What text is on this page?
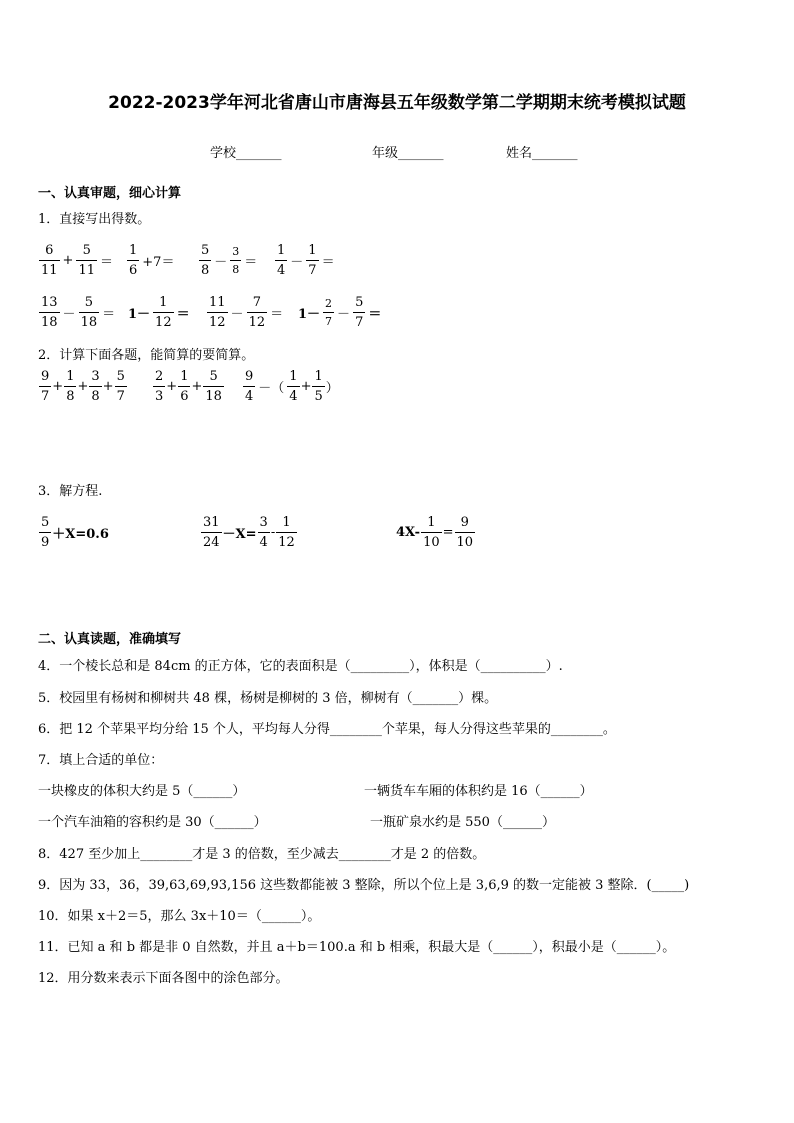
2022-2023学年河北省唐山市唐海县五年级数学第二学期期末统考模拟试题
学校_______	年级_______	姓名_______
一、认真审题，细心计算
1．直接写出得数。
$\frac{6}{11} + \frac{5}{11} = \frac{1}{6} +7= \frac{5}{8} - \frac{3}{8} = \frac{1}{4} - \frac{1}{7}$ ＝
$\frac{13}{18} - \frac{5}{18} = 1- \frac{1}{12} = \frac{11}{12} - \frac{7}{12} = 1- \frac{2}{7} - \frac{5}{7}$ ＝
2．计算下面各题，能简算的要简算。
$\frac{9}{7} + \frac{1}{8} + \frac{3}{8} + \frac{5}{7} \frac{2}{3} + \frac{1}{6} + \frac{5}{18} \frac{9}{4}$ －（ $\frac{1}{4} + \frac{1}{5}$ ）
3．解方程.
$\frac{5}{9} +X=0.6$	$\frac{31}{24} -X= \frac{3}{4} - \frac{1}{12}$	$4X- \frac{1}{10} = \frac{9}{10}$
二、认真读题，准确填写
4．一个棱长总和是 84cm 的正方体，它的表面积是（_________），体积是（__________）.
5．校园里有杨树和柳树共 48 棵，杨树是柳树的 3 倍，柳树有（_______）棵。
6．把 12 个苹果平均分给 15 个人，平均每人分得________个苹果，每人分得这些苹果的________。
7．填上合适的单位：
一块橡皮的体积大约是 5（______）	一辆货车车厢的体积约是 16（______）
一个汽车油箱的容积约是 30（______）	一瓶矿泉水约是 550（______）
8．427 至少加上________才是 3 的倍数，至少减去________才是 2 的倍数。
9．因为 33，36，39,63,69,93,156 这些数都能被 3 整除，所以个位上是 3,6,9 的数一定能被 3 整除．(_____)
10．如果 x＋2＝5，那么 3x＋10＝（______）。
11．已知 a 和 b 都是非 0 自然数，并且 a＋b＝100.a 和 b 相乘，积最大是（______），积最小是（______）。
12．用分数来表示下面各图中的涂色部分。
